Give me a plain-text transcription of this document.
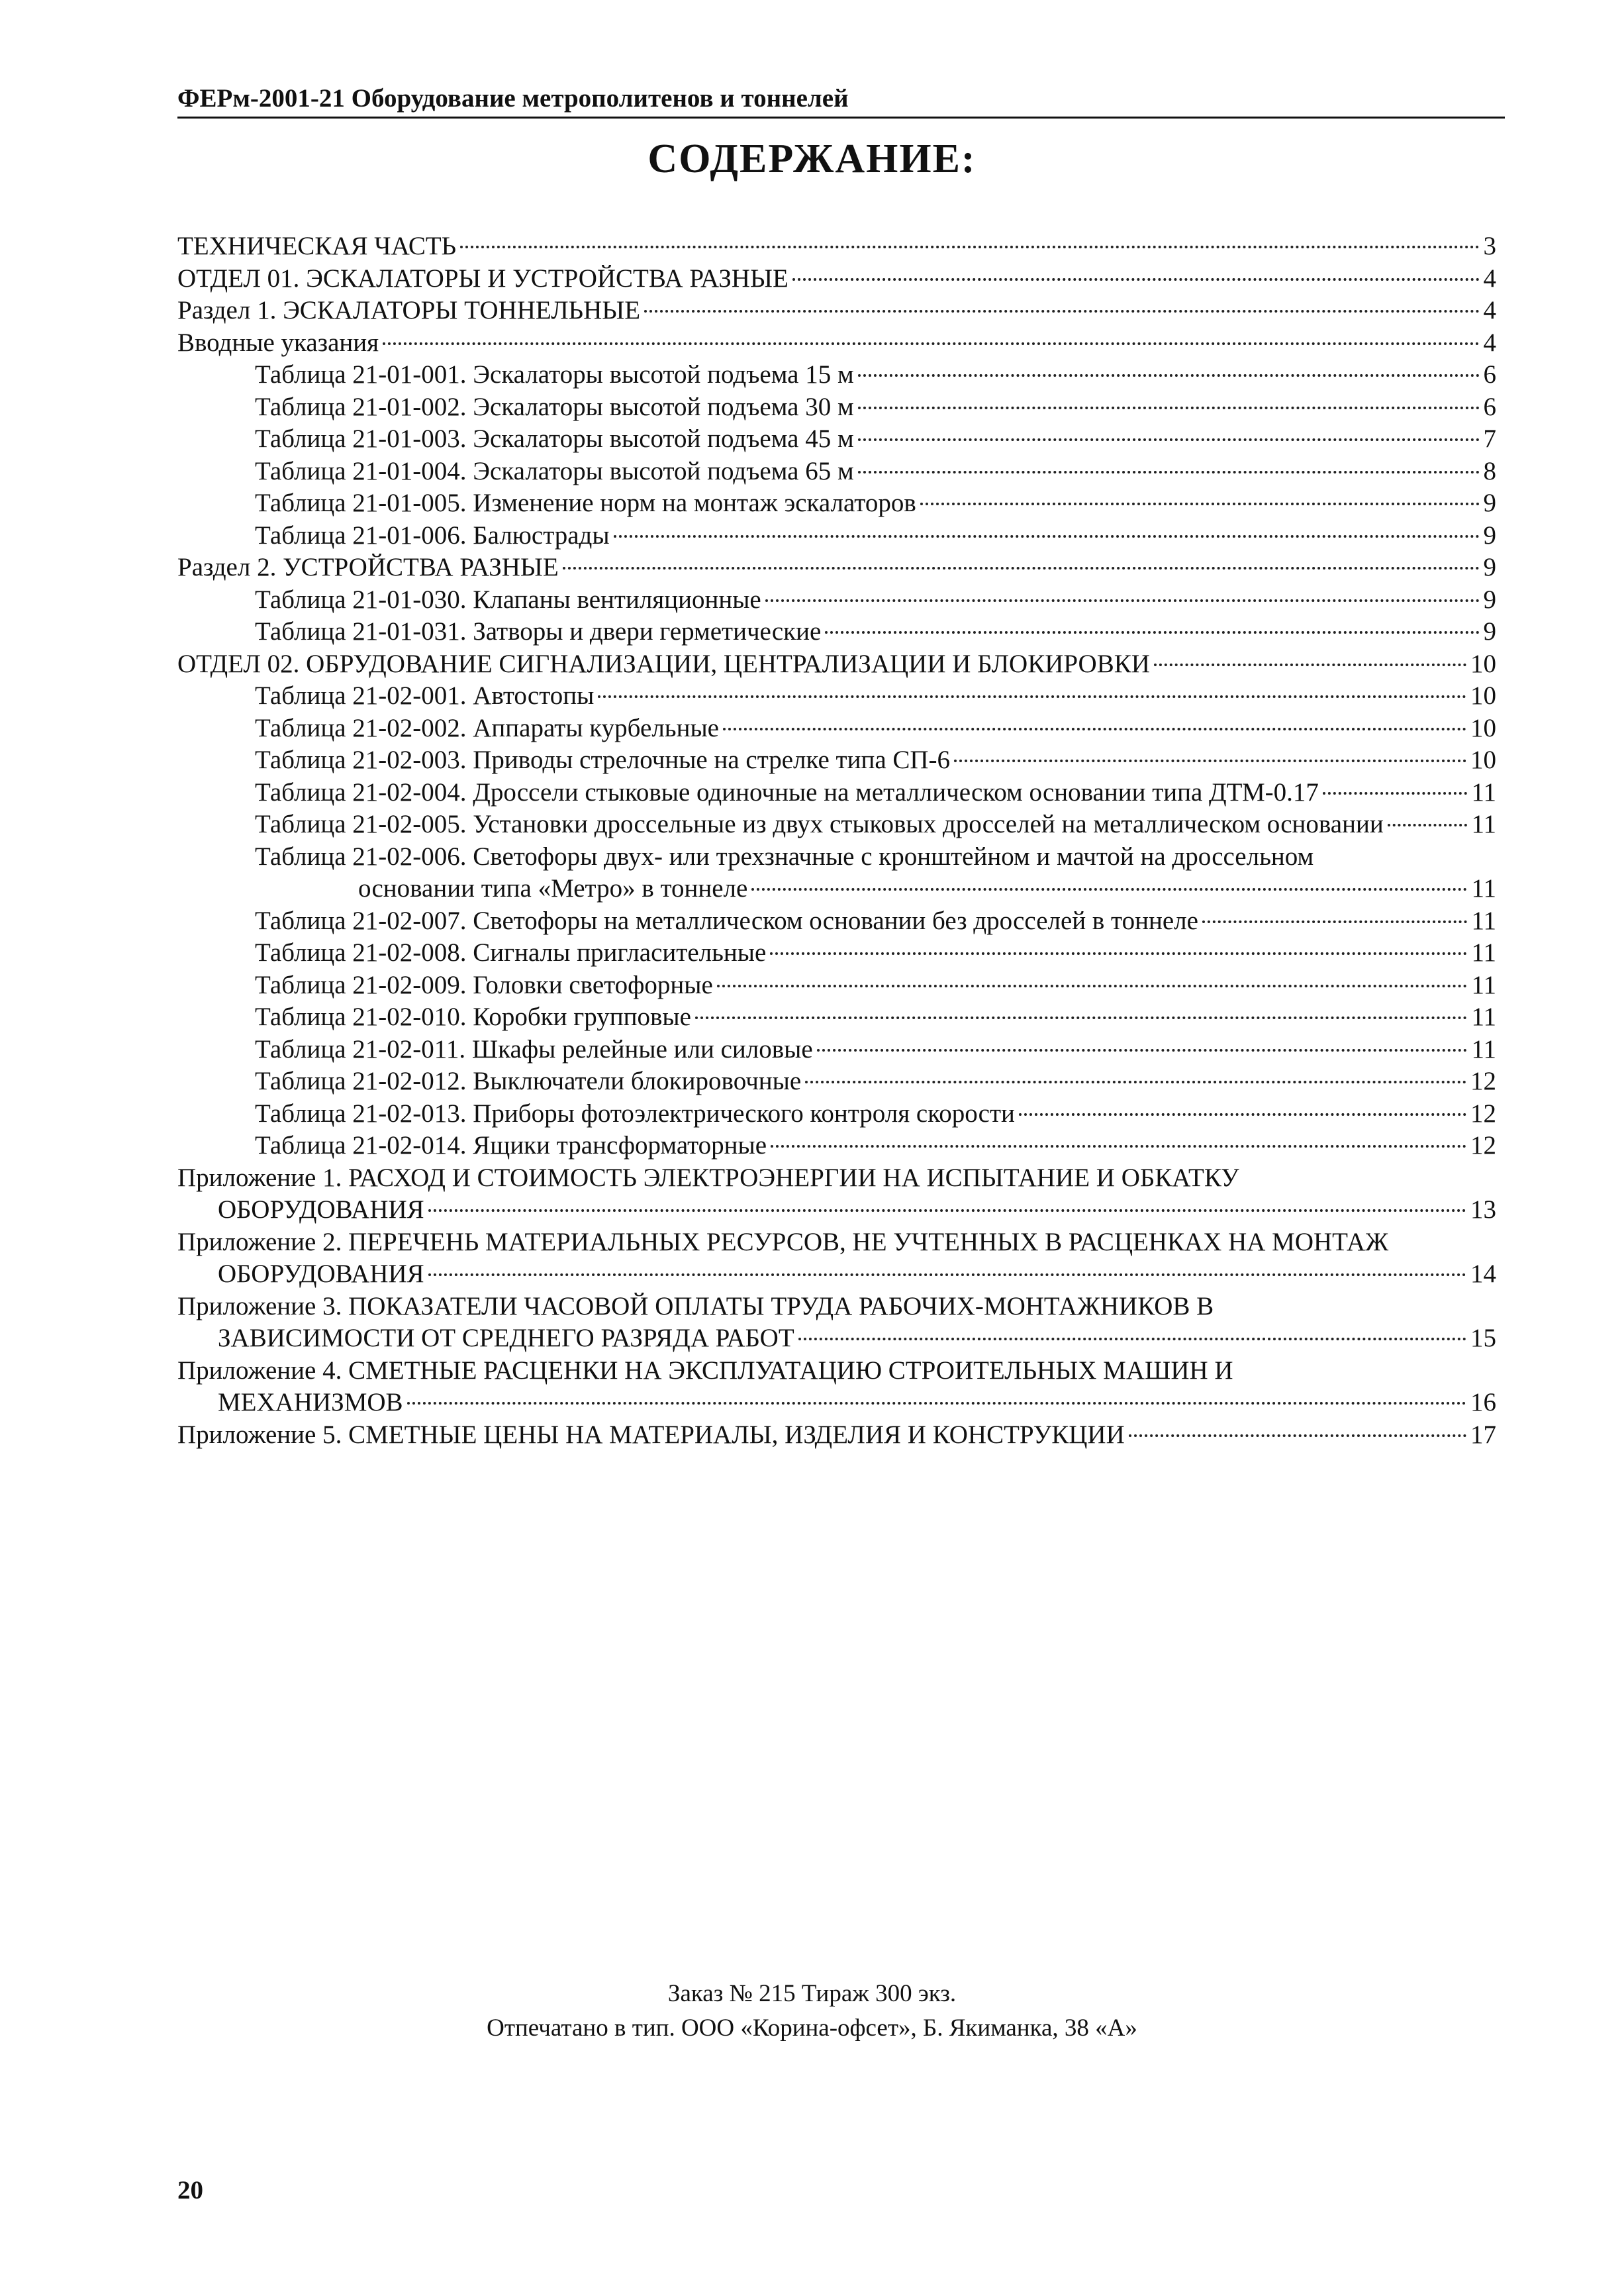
ФЕРм-2001-21 Оборудование метрополитенов и тоннелей
СОДЕРЖАНИЕ:
ТЕХНИЧЕСКАЯ ЧАСТЬ	3
ОТДЕЛ 01. ЭСКАЛАТОРЫ И УСТРОЙСТВА РАЗНЫЕ	4
Раздел 1. ЭСКАЛАТОРЫ ТОННЕЛЬНЫЕ	4
Вводные указания	4
Таблица 21-01-001. Эскалаторы высотой подъема 15 м	6
Таблица 21-01-002. Эскалаторы высотой подъема 30 м	6
Таблица 21-01-003. Эскалаторы высотой подъема 45 м	7
Таблица 21-01-004. Эскалаторы высотой подъема 65 м	8
Таблица 21-01-005. Изменение норм на монтаж эскалаторов	9
Таблица 21-01-006. Балюстрады	9
Раздел 2. УСТРОЙСТВА РАЗНЫЕ	9
Таблица 21-01-030. Клапаны вентиляционные	9
Таблица 21-01-031. Затворы и двери герметические	9
ОТДЕЛ 02. ОБРУДОВАНИЕ СИГНАЛИЗАЦИИ, ЦЕНТРАЛИЗАЦИИ И БЛОКИРОВКИ	10
Таблица 21-02-001. Автостопы	10
Таблица 21-02-002. Аппараты курбельные	10
Таблица 21-02-003. Приводы стрелочные на стрелке типа СП-6	10
Таблица 21-02-004. Дроссели стыковые одиночные на металлическом основании типа ДТМ-0.17	11
Таблица 21-02-005. Установки дроссельные из двух стыковых дросселей на металлическом основании	11
Таблица 21-02-006. Светофоры двух- или трехзначные с кронштейном и мачтой на дроссельном
основании типа «Метро» в тоннеле	11
Таблица 21-02-007. Светофоры на металлическом основании без дросселей в тоннеле	11
Таблица 21-02-008. Сигналы пригласительные	11
Таблица 21-02-009. Головки светофорные	11
Таблица 21-02-010. Коробки групповые	11
Таблица 21-02-011. Шкафы релейные или силовые	11
Таблица 21-02-012. Выключатели блокировочные	12
Таблица 21-02-013. Приборы фотоэлектрического контроля скорости	12
Таблица 21-02-014. Ящики трансформаторные	12
Приложение 1. РАСХОД И СТОИМОСТЬ ЭЛЕКТРОЭНЕРГИИ НА ИСПЫТАНИЕ И ОБКАТКУ
ОБОРУДОВАНИЯ	13
Приложение 2. ПЕРЕЧЕНЬ МАТЕРИАЛЬНЫХ РЕСУРСОВ, НЕ УЧТЕННЫХ В РАСЦЕНКАХ НА МОНТАЖ
ОБОРУДОВАНИЯ	14
Приложение 3. ПОКАЗАТЕЛИ ЧАСОВОЙ ОПЛАТЫ ТРУДА РАБОЧИХ-МОНТАЖНИКОВ В
ЗАВИСИМОСТИ ОТ СРЕДНЕГО РАЗРЯДА РАБОТ	15
Приложение 4. СМЕТНЫЕ РАСЦЕНКИ НА ЭКСПЛУАТАЦИЮ СТРОИТЕЛЬНЫХ МАШИН И
МЕХАНИЗМОВ	16
Приложение 5. СМЕТНЫЕ ЦЕНЫ НА МАТЕРИАЛЫ, ИЗДЕЛИЯ И КОНСТРУКЦИИ	17
Заказ № 215 Тираж 300 экз.
Отпечатано в тип. ООО «Корина-офсет», Б. Якиманка, 38 «А»
20
